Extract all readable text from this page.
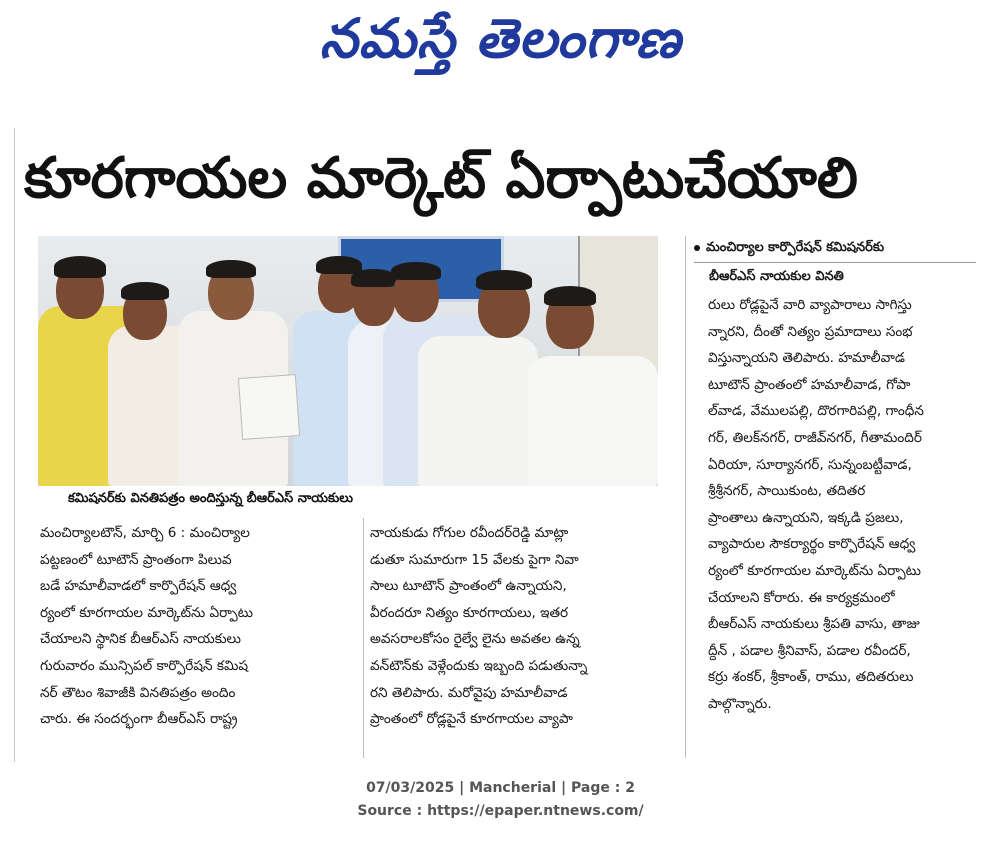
నమస్తే తెలంగాణ
కూరగాయల మార్కెట్ ఏర్పాటుచేయాలి
కమిషనర్‌కు వినతిపత్రం అందిస్తున్న బీఆర్ఎస్ నాయకులు
మంచిర్యాల కార్పొరేషన్ కమిషనర్‌కు
బీఆర్ఎస్ నాయకుల వినతి
మంచిర్యాలటౌన్, మార్చి 6 : మంచిర్యాల
పట్టణంలో టూటౌన్ ప్రాంతంగా పిలువ
బడే హమాలీవాడలో కార్పొరేషన్ ఆధ్వ
ర్యంలో కూరగాయల మార్కెట్‌ను ఏర్పాటు
చేయాలని స్థానిక బీఆర్ఎస్ నాయకులు
గురువారం మున్సిపల్ కార్పొరేషన్ కమిష
నర్ తౌటం శివాజీకి వినతిపత్రం అందిం
చారు. ఈ సందర్భంగా బీఆర్ఎస్ రాష్ట్ర
నాయకుడు గోగుల రవీందర్‌రెడ్డి మాట్లా
డుతూ సుమారుగా 15 వేలకు పైగా నివా
సాలు టూటౌన్ ప్రాంతంలో ఉన్నాయని,
వీరందరూ నిత్యం కూరగాయలు, ఇతర
అవసరాలకోసం రైల్వే లైను అవతల ఉన్న
వన్‌టౌన్‌కు వెళ్లేందుకు ఇబ్బంది పడుతున్నా
రని తెలిపారు. మరోవైపు హమాలీవాడ
ప్రాంతంలో రోడ్లపైనే కూరగాయల వ్యాపా
రులు రోడ్లపైనే వారి వ్యాపారాలు సాగిస్తు
న్నారని, దీంతో నిత్యం ప్రమాదాలు సంభ
విస్తున్నాయని తెలిపారు. హమాలీవాడ
టూటౌన్ ప్రాంతంలో హమాలీవాడ, గోపా
ల్‌వాడ, వేములపల్లి, దొరగారిపల్లి, గాంధీన
గర్, తిలక్‌నగర్, రాజీవ్‌నగర్, గీతామందిర్
ఏరియా, సూర్యానగర్, సున్నంబట్టీవాడ,
శ్రీశ్రీనగర్, సాయికుంట, తదితర
ప్రాంతాలు ఉన్నాయని, ఇక్కడి ప్రజలు,
వ్యాపారుల సౌకర్యార్థం కార్పొరేషన్ ఆధ్వ
ర్యంలో కూరగాయల మార్కెట్‌ను ఏర్పాటు
చేయాలని కోరారు. ఈ కార్యక్రమంలో
బీఆర్ఎస్ నాయకులు శ్రీపతి వాసు, తాజు
ద్దీన్ , పడాల శ్రీనివాస్, పడాల రవీందర్,
కర్రు శంకర్, శ్రీకాంత్, రాము, తదితరులు
పాల్గొన్నారు.
07/03/2025 | Mancherial | Page : 2
Source : https://epaper.ntnews.com/
